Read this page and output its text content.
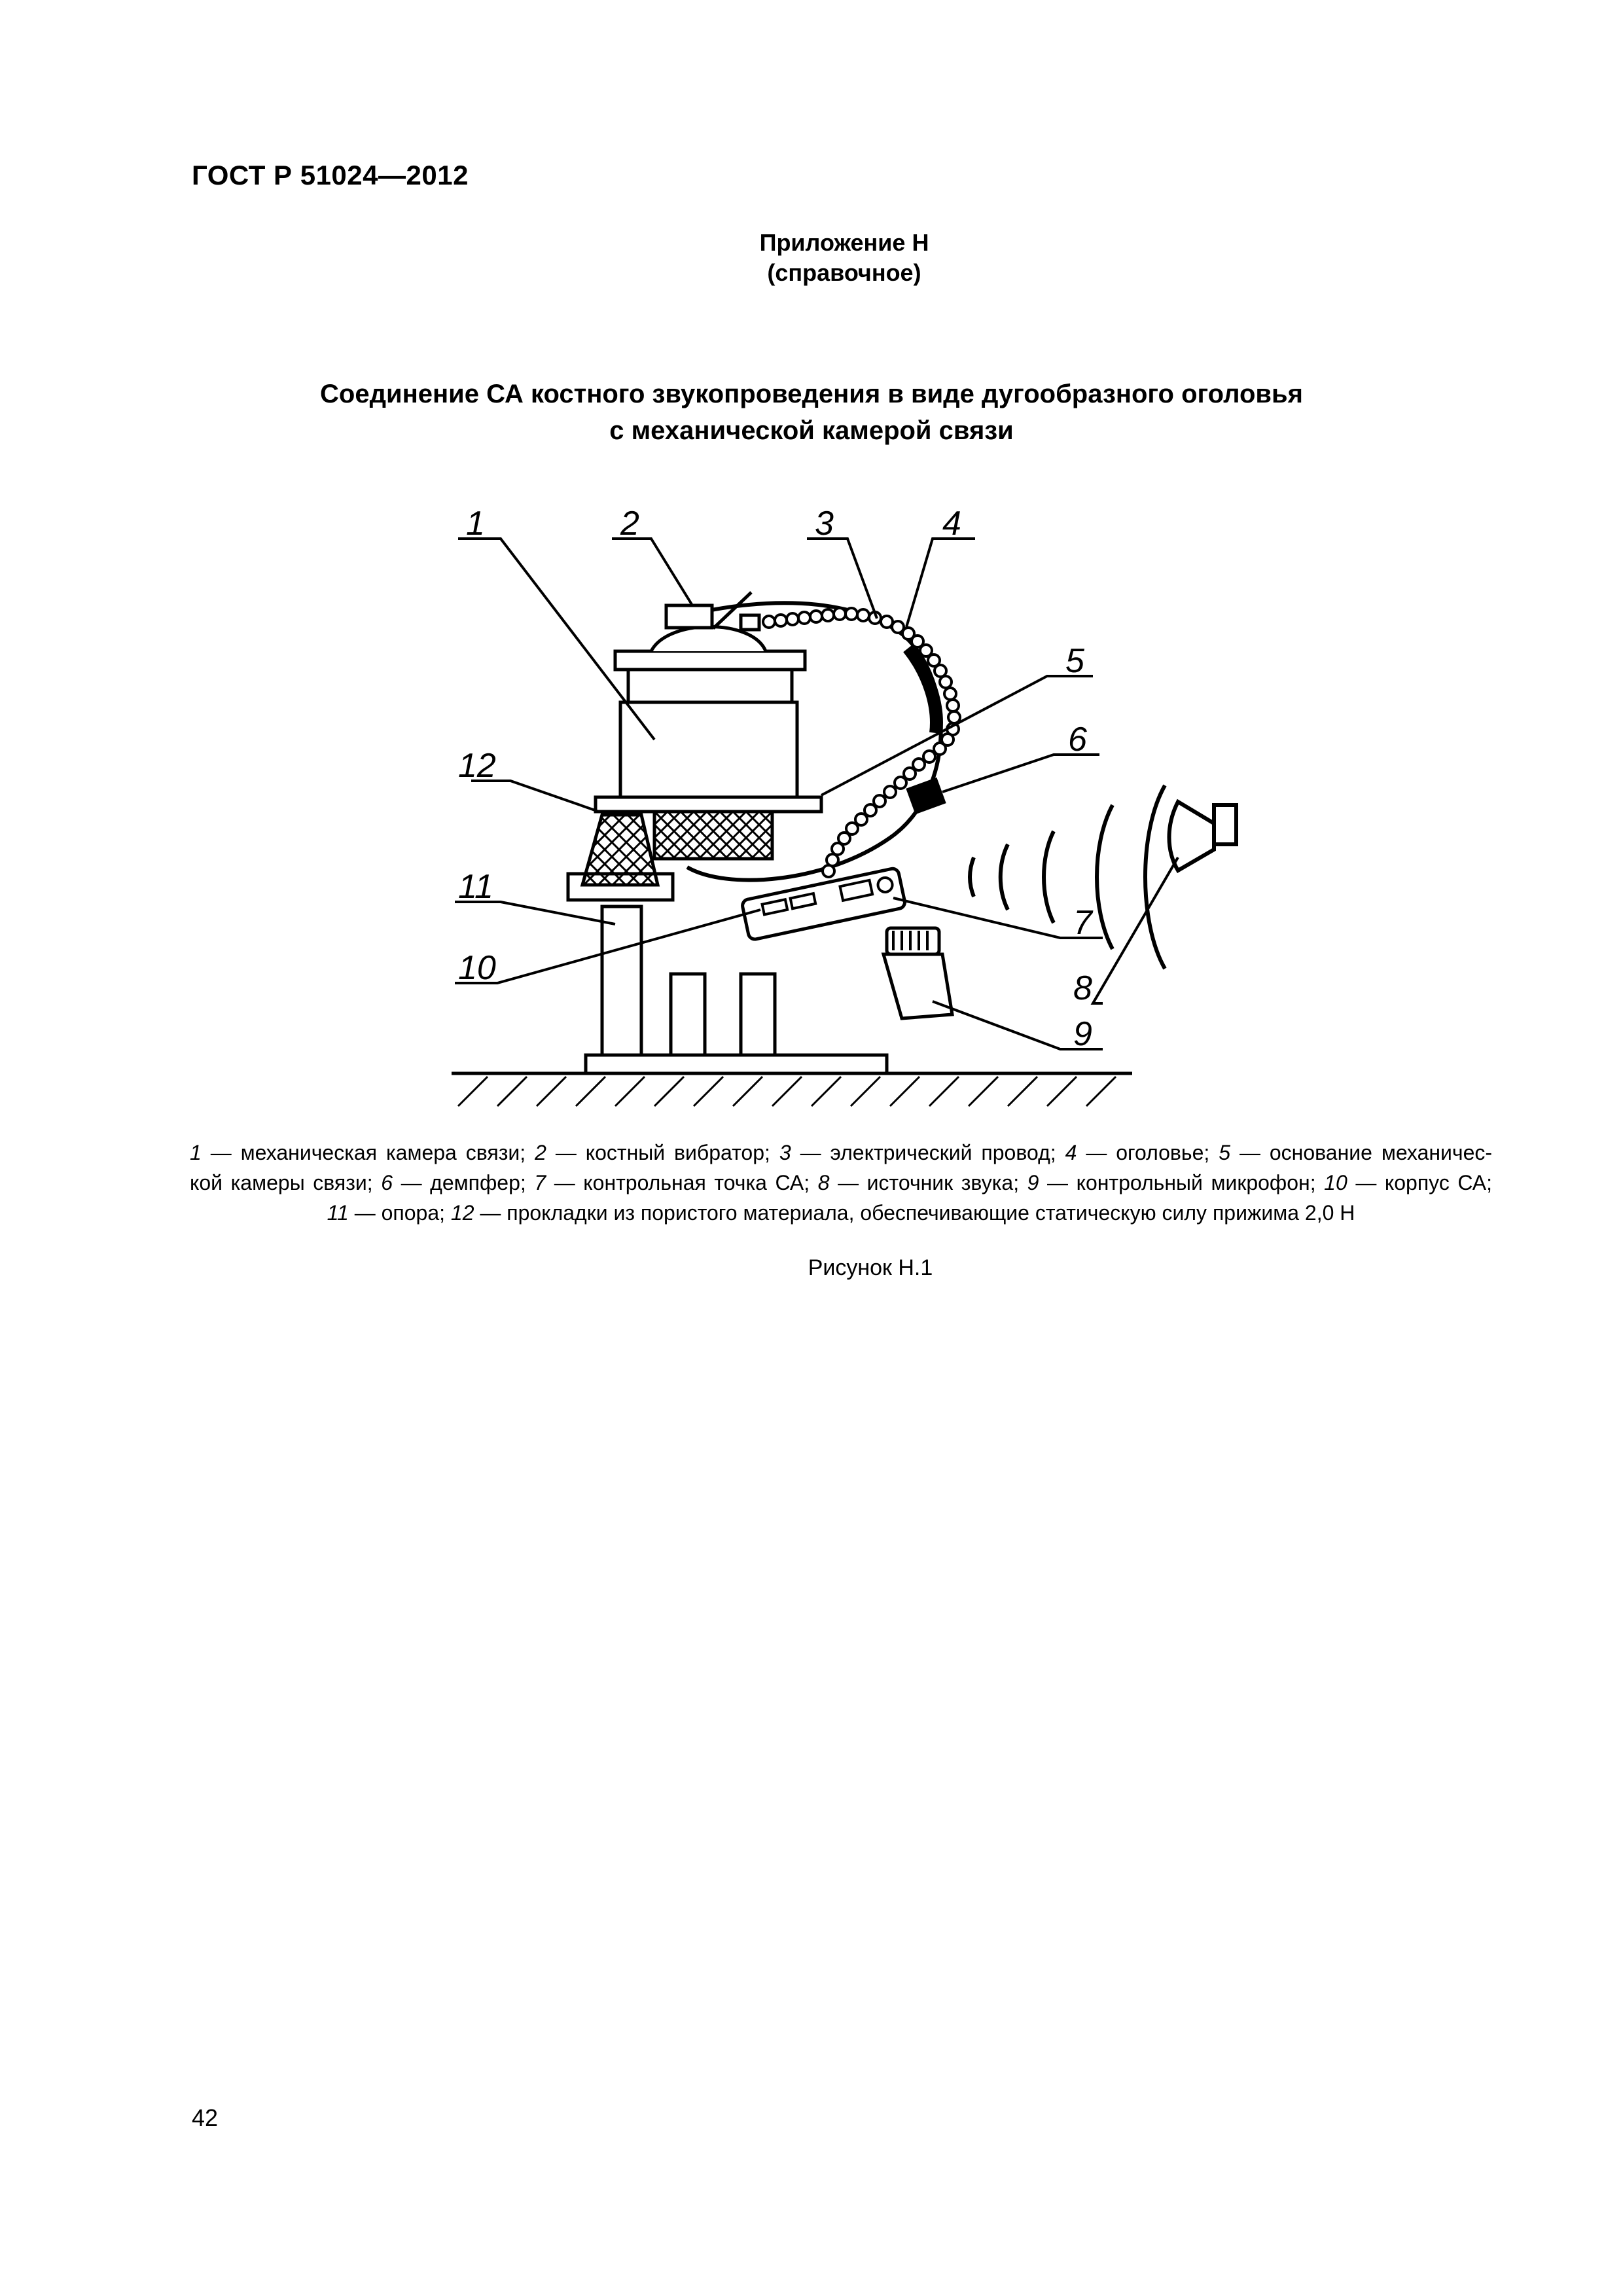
ГОСТ Р 51024—2012
Приложение Н
(справочное)
Соединение СА костного звукопроведения в виде дугообразного оголовья
с механической камерой связи
1	2	3	4
5
6
7
8
9
10
11
12
1 — механическая камера связи; 2 — костный вибратор; 3 — электрический провод; 4 — оголовье; 5 — основание механичес-
кой камеры связи; 6 — демпфер; 7 — контрольная точка СА; 8 — источник звука; 9 — контрольный микрофон; 10 — корпус СА;
11 — опора; 12 — прокладки из пористого материала, обеспечивающие статическую силу прижима 2,0 Н
Рисунок Н.1
42
